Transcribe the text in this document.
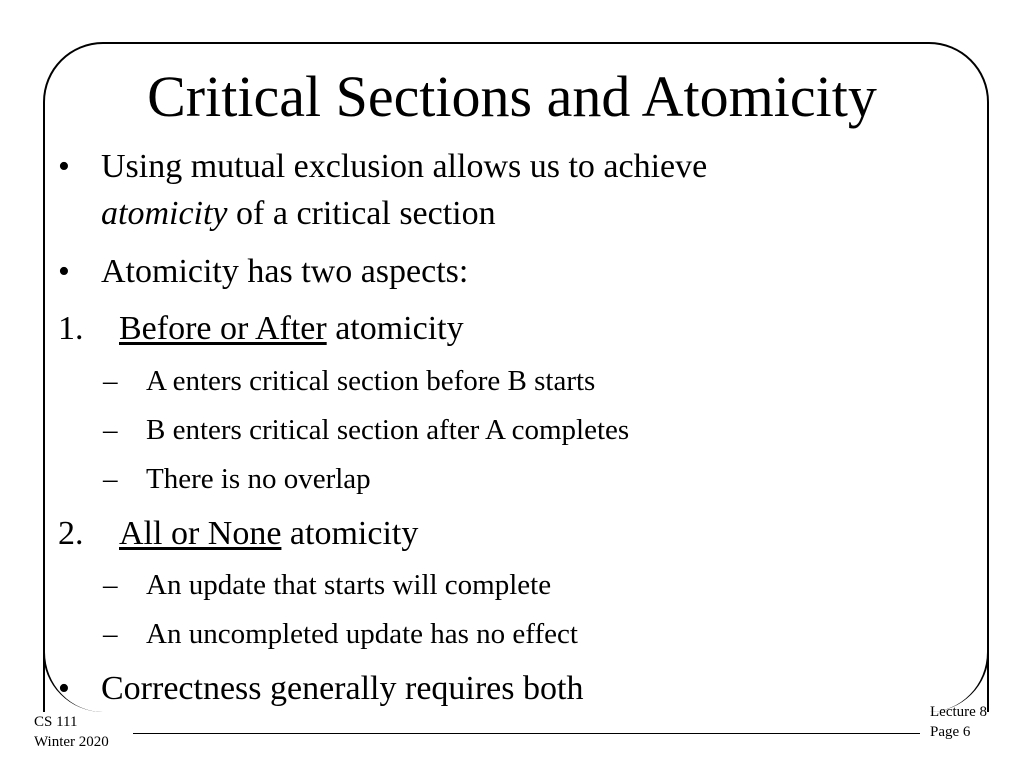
Critical Sections and Atomicity
• Using mutual exclusion allows us to achieve
atomicity of a critical section
• Atomicity has two aspects:
1. Before or After atomicity
– A enters critical section before B starts
– B enters critical section after A completes
– There is no overlap
2. All or None atomicity
– An update that starts will complete
– An uncompleted update has no effect
• Correctness generally requires both
CS 111
Winter 2020
Lecture 8
Page 6
